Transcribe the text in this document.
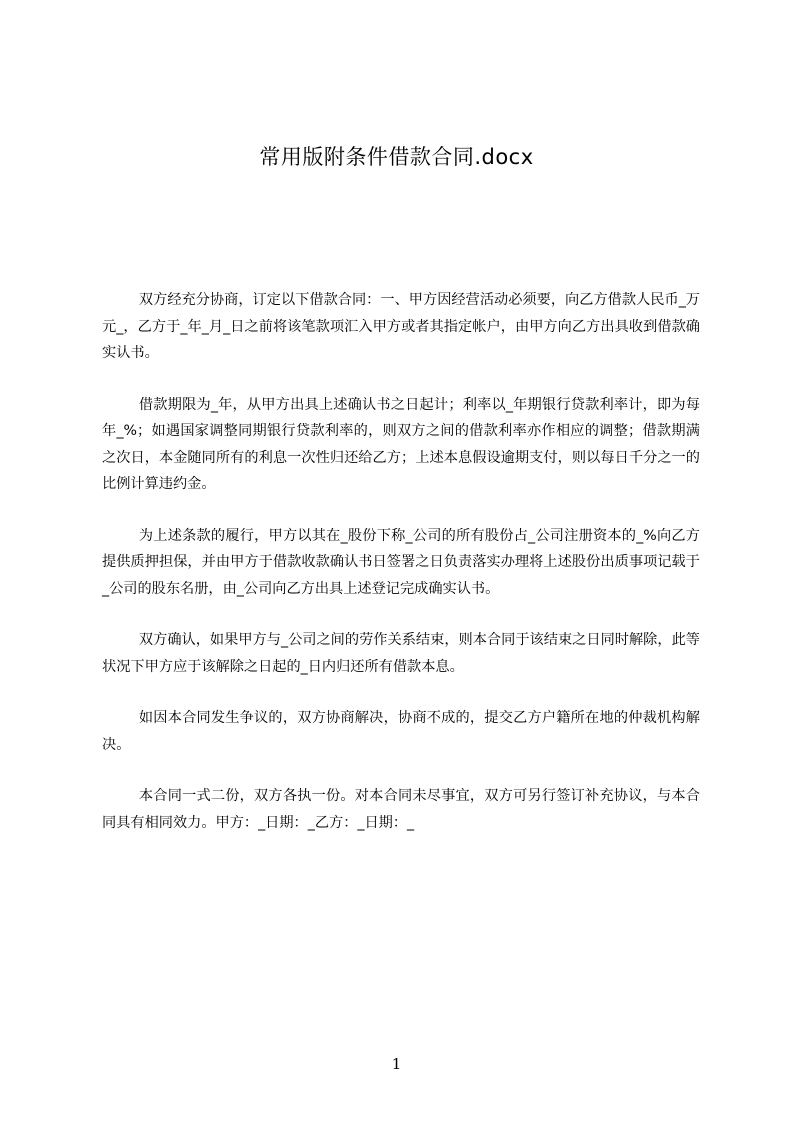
常用版附条件借款合同.docx

双方经充分协商，订定以下借款合同：一、甲方因经营活动必须要，向乙方借款人民币_万元_，乙方于_年_月_日之前将该笔款项汇入甲方或者其指定帐户，由甲方向乙方出具收到借款确实认书。

借款期限为_年，从甲方出具上述确认书之日起计；利率以_年期银行贷款利率计，即为每年_%；如遇国家调整同期银行贷款利率的，则双方之间的借款利率亦作相应的调整；借款期满之次日，本金随同所有的利息一次性归还给乙方；上述本息假设逾期支付，则以每日千分之一的比例计算违约金。

为上述条款的履行，甲方以其在_股份下称_公司的所有股份占_公司注册资本的_%向乙方提供质押担保，并由甲方于借款收款确认书日签署之日负责落实办理将上述股份出质事项记载于_公司的股东名册，由_公司向乙方出具上述登记完成确实认书。

双方确认，如果甲方与_公司之间的劳作关系结束，则本合同于该结束之日同时解除，此等状况下甲方应于该解除之日起的_日内归还所有借款本息。

如因本合同发生争议的，双方协商解决，协商不成的，提交乙方户籍所在地的仲裁机构解决。

本合同一式二份，双方各执一份。对本合同未尽事宜，双方可另行签订补充协议，与本合同具有相同效力。甲方：_日期：_乙方：_日期：_

1
